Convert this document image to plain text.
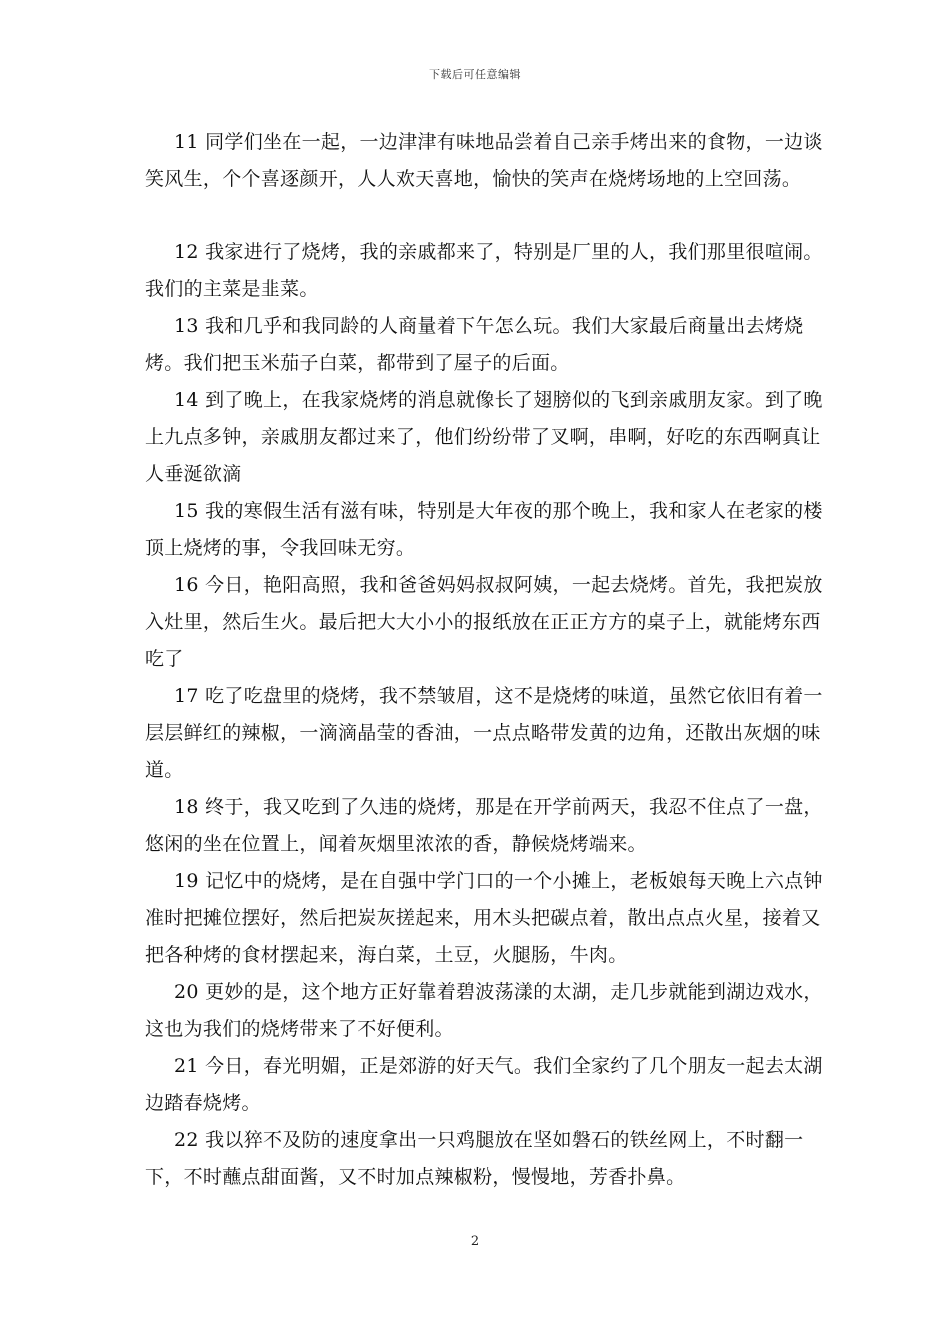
下载后可任意编辑

11 同学们坐在一起，一边津津有味地品尝着自己亲手烤出来的食物，一边谈笑风生，个个喜逐颜开，人人欢天喜地，愉快的笑声在烧烤场地的上空回荡。

12 我家进行了烧烤，我的亲戚都来了，特别是厂里的人，我们那里很喧闹。我们的主菜是韭菜。

13 我和几乎和我同龄的人商量着下午怎么玩。我们大家最后商量出去烤烧烤。我们把玉米茄子白菜，都带到了屋子的后面。

14 到了晚上，在我家烧烤的消息就像长了翅膀似的飞到亲戚朋友家。到了晚上九点多钟，亲戚朋友都过来了，他们纷纷带了叉啊，串啊，好吃的东西啊真让人垂涎欲滴

15 我的寒假生活有滋有味，特别是大年夜的那个晚上，我和家人在老家的楼顶上烧烤的事，令我回味无穷。

16 今日，艳阳高照，我和爸爸妈妈叔叔阿姨，一起去烧烤。首先，我把炭放入灶里，然后生火。最后把大大小小的报纸放在正正方方的桌子上，就能烤东西吃了

17 吃了吃盘里的烧烤，我不禁皱眉，这不是烧烤的味道，虽然它依旧有着一层层鲜红的辣椒，一滴滴晶莹的香油，一点点略带发黄的边角，还散出灰烟的味道。

18 终于，我又吃到了久违的烧烤，那是在开学前两天，我忍不住点了一盘，悠闲的坐在位置上，闻着灰烟里浓浓的香，静候烧烤端来。

19 记忆中的烧烤，是在自强中学门口的一个小摊上，老板娘每天晚上六点钟准时把摊位摆好，然后把炭灰搓起来，用木头把碳点着，散出点点火星，接着又把各种烤的食材摆起来，海白菜，土豆，火腿肠，牛肉。

20 更妙的是，这个地方正好靠着碧波荡漾的太湖，走几步就能到湖边戏水，这也为我们的烧烤带来了不好便利。

21 今日，春光明媚，正是郊游的好天气。我们全家约了几个朋友一起去太湖边踏春烧烤。

22 我以猝不及防的速度拿出一只鸡腿放在坚如磐石的铁丝网上，不时翻一下，不时蘸点甜面酱，又不时加点辣椒粉，慢慢地，芳香扑鼻。

2
